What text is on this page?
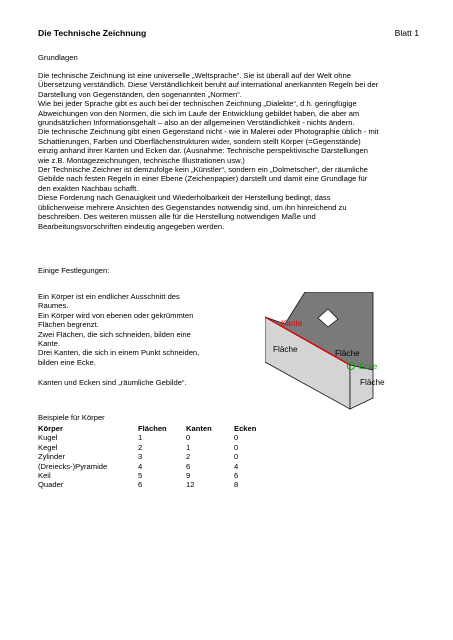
Die Technische Zeichnung	Blatt 1
Grundlagen
Die technische Zeichnung ist eine universelle „Weltsprache“. Sie ist überall auf der Welt ohne
Übersetzung verständlich. Diese Verständlichkeit beruht auf international anerkannten Regeln bei der
Darstellung von Gegenständen, den sogenannten „Normen“.
Wie bei jeder Sprache gibt es auch bei der technischen Zeichnung „Dialekte“, d.h. geringfügige
Abweichungen von den Normen, die sich im Laufe der Entwicklung gebildet haben, die aber am
grundsätzlichen Informationsgehalt – also an der allgemeinen Verständlichkeit - nichts ändern.
Die technische Zeichnung gibt einen Gegenstand nicht - wie in Malerei oder Photographie üblich - mit
Schattierungen, Farben und Oberflächenstrukturen wider, sondern stellt Körper (=Gegenstände)
einzig anhand ihrer Kanten und Ecken dar. (Ausnahme: Technische perspektivische Darstellungen
wie z.B. Montagezeichnungen, technische Illustrationen usw.)
Der Technische Zeichner ist demzufolge kein „Künstler“, sondern ein „Dolmetscher“, der räumliche
Gebilde nach festen Regeln in einer Ebene (Zeichenpapier) darstellt und damit eine Grundlage für
den exakten Nachbau schafft.
Diese Forderung nach Genauigkeit und Wiederholbarkeit der Herstellung bedingt, dass
üblicherweise mehrere Ansichten des Gegenstandes notwendig sind, um ihn hinreichend zu
beschreiben. Des weiteren müssen alle für die Herstellung notwendigen Maße und
Bearbeitungsvorschriften eindeutig angegeben werden.
Einige Festlegungen:
Ein Körper ist ein endlicher Ausschnitt des
Raumes.
Ein Körper wird von ebenen oder gekrümmten
Flächen begrenzt.
Zwei Flächen, die sich schneiden, bilden eine
Kante.
Drei Kanten, die sich in einem Punkt schneiden,
bilden eine Ecke.
Kanten und Ecken sind „räumliche Gebilde“.
Kante
Fläche	Fläche
Ecke
Fläche
Beispiele für Körper
Körper	Flächen	Kanten	Ecken
Kugel	1	0	0
Kegel	2	1	0
Zylinder	3	2	0
(Dreiecks-)Pyramide	4	6	4
Keil	5	9	6
Quader	6	12	8
